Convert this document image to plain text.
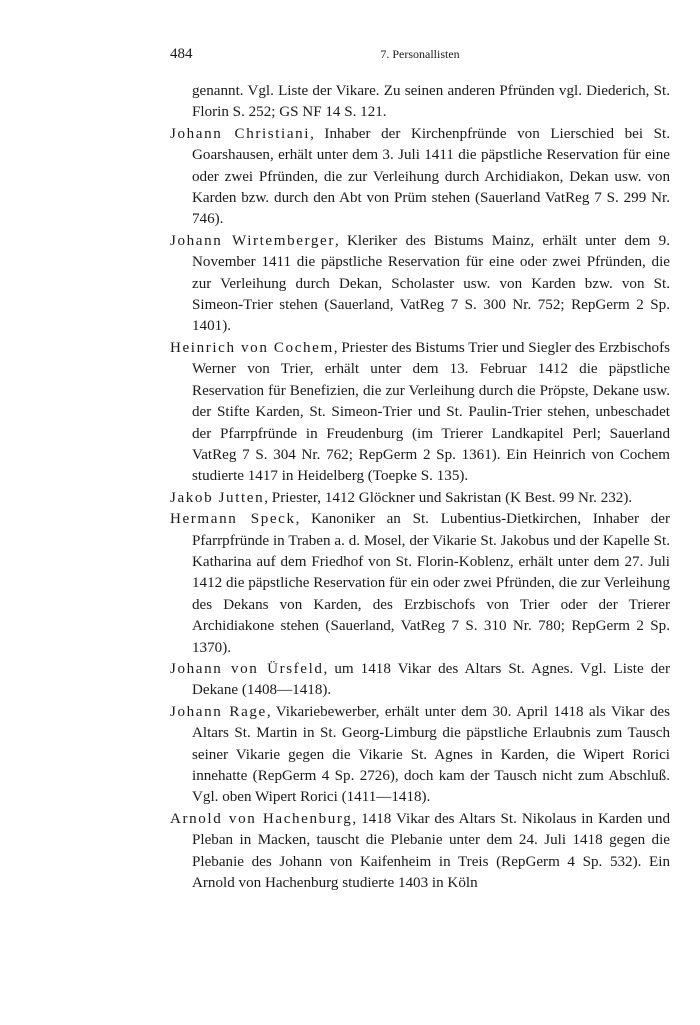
484	7. Personallisten

genannt. Vgl. Liste der Vikare. Zu seinen anderen Pfründen vgl. Diederich, St. Florin S. 252; GS NF 14 S. 121.

Johann Christiani, Inhaber der Kirchenpfründe von Lierschied bei St. Goarshausen, erhält unter dem 3. Juli 1411 die päpstliche Reservation für eine oder zwei Pfründen, die zur Verleihung durch Archidiakon, Dekan usw. von Karden bzw. durch den Abt von Prüm stehen (Sauerland VatReg 7 S. 299 Nr. 746).

Johann Wirtemberger, Kleriker des Bistums Mainz, erhält unter dem 9. November 1411 die päpstliche Reservation für eine oder zwei Pfründen, die zur Verleihung durch Dekan, Scholaster usw. von Karden bzw. von St. Simeon-Trier stehen (Sauerland, VatReg 7 S. 300 Nr. 752; RepGerm 2 Sp. 1401).

Heinrich von Cochem, Priester des Bistums Trier und Siegler des Erzbischofs Werner von Trier, erhält unter dem 13. Februar 1412 die päpstliche Reservation für Benefizien, die zur Verleihung durch die Pröpste, Dekane usw. der Stifte Karden, St. Simeon-Trier und St. Paulin-Trier stehen, unbeschadet der Pfarrpfründe in Freudenburg (im Trierer Landkapitel Perl; Sauerland VatReg 7 S. 304 Nr. 762; RepGerm 2 Sp. 1361). Ein Heinrich von Cochem studierte 1417 in Heidelberg (Toepke S. 135).

Jakob Jutten, Priester, 1412 Glöckner und Sakristan (K Best. 99 Nr. 232).

Hermann Speck, Kanoniker an St. Lubentius-Dietkirchen, Inhaber der Pfarrpfründe in Traben a. d. Mosel, der Vikarie St. Jakobus und der Kapelle St. Katharina auf dem Friedhof von St. Florin-Koblenz, erhält unter dem 27. Juli 1412 die päpstliche Reservation für ein oder zwei Pfründen, die zur Verleihung des Dekans von Karden, des Erzbischofs von Trier oder der Trierer Archidiakone stehen (Sauerland, VatReg 7 S. 310 Nr. 780; RepGerm 2 Sp. 1370).

Johann von Ürsfeld, um 1418 Vikar des Altars St. Agnes. Vgl. Liste der Dekane (1408—1418).

Johann Rage, Vikariebewerber, erhält unter dem 30. April 1418 als Vikar des Altars St. Martin in St. Georg-Limburg die päpstliche Erlaubnis zum Tausch seiner Vikarie gegen die Vikarie St. Agnes in Karden, die Wipert Rorici innehatte (RepGerm 4 Sp. 2726), doch kam der Tausch nicht zum Abschluß. Vgl. oben Wipert Rorici (1411—1418).

Arnold von Hachenburg, 1418 Vikar des Altars St. Nikolaus in Karden und Pleban in Macken, tauscht die Plebanie unter dem 24. Juli 1418 gegen die Plebanie des Johann von Kaifenheim in Treis (RepGerm 4 Sp. 532). Ein Arnold von Hachenburg studierte 1403 in Köln
